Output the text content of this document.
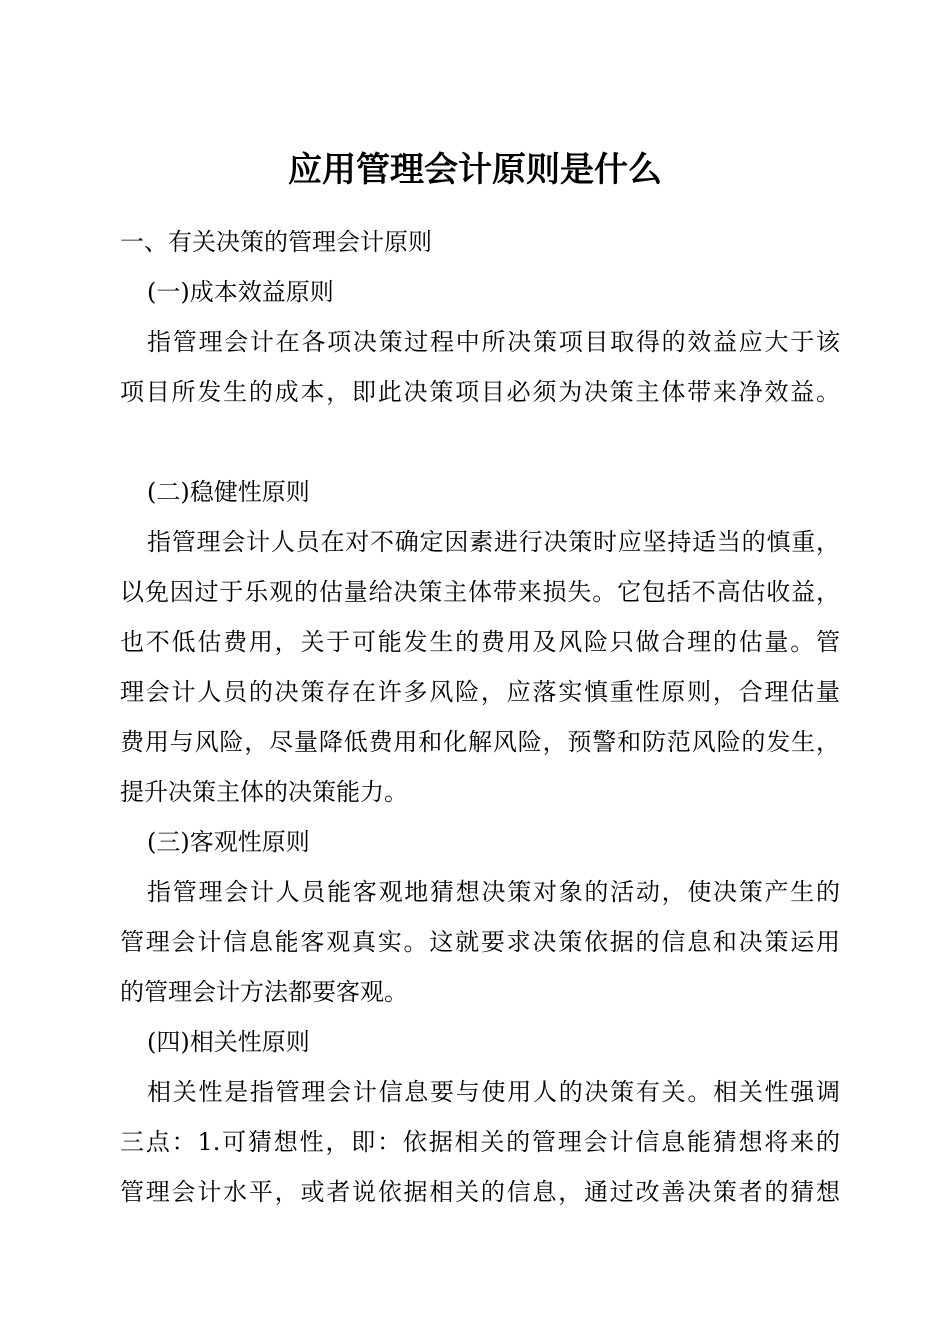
应用管理会计原则是什么
一、有关决策的管理会计原则
(一)成本效益原则
指管理会计在各项决策过程中所决策项目取得的效益应大于该
项目所发生的成本，即此决策项目必须为决策主体带来净效益。
(二)稳健性原则
指管理会计人员在对不确定因素进行决策时应坚持适当的慎重，
以免因过于乐观的估量给决策主体带来损失。它包括不高估收益，
也不低估费用，关于可能发生的费用及风险只做合理的估量。管
理会计人员的决策存在许多风险，应落实慎重性原则，合理估量
费用与风险，尽量降低费用和化解风险，预警和防范风险的发生，
提升决策主体的决策能力。
(三)客观性原则
指管理会计人员能客观地猜想决策对象的活动，使决策产生的
管理会计信息能客观真实。这就要求决策依据的信息和决策运用
的管理会计方法都要客观。
(四)相关性原则
相关性是指管理会计信息要与使用人的决策有关。相关性强调
三点：1.可猜想性，即：依据相关的管理会计信息能猜想将来的
管理会计水平，或者说依据相关的信息，通过改善决策者的猜想
